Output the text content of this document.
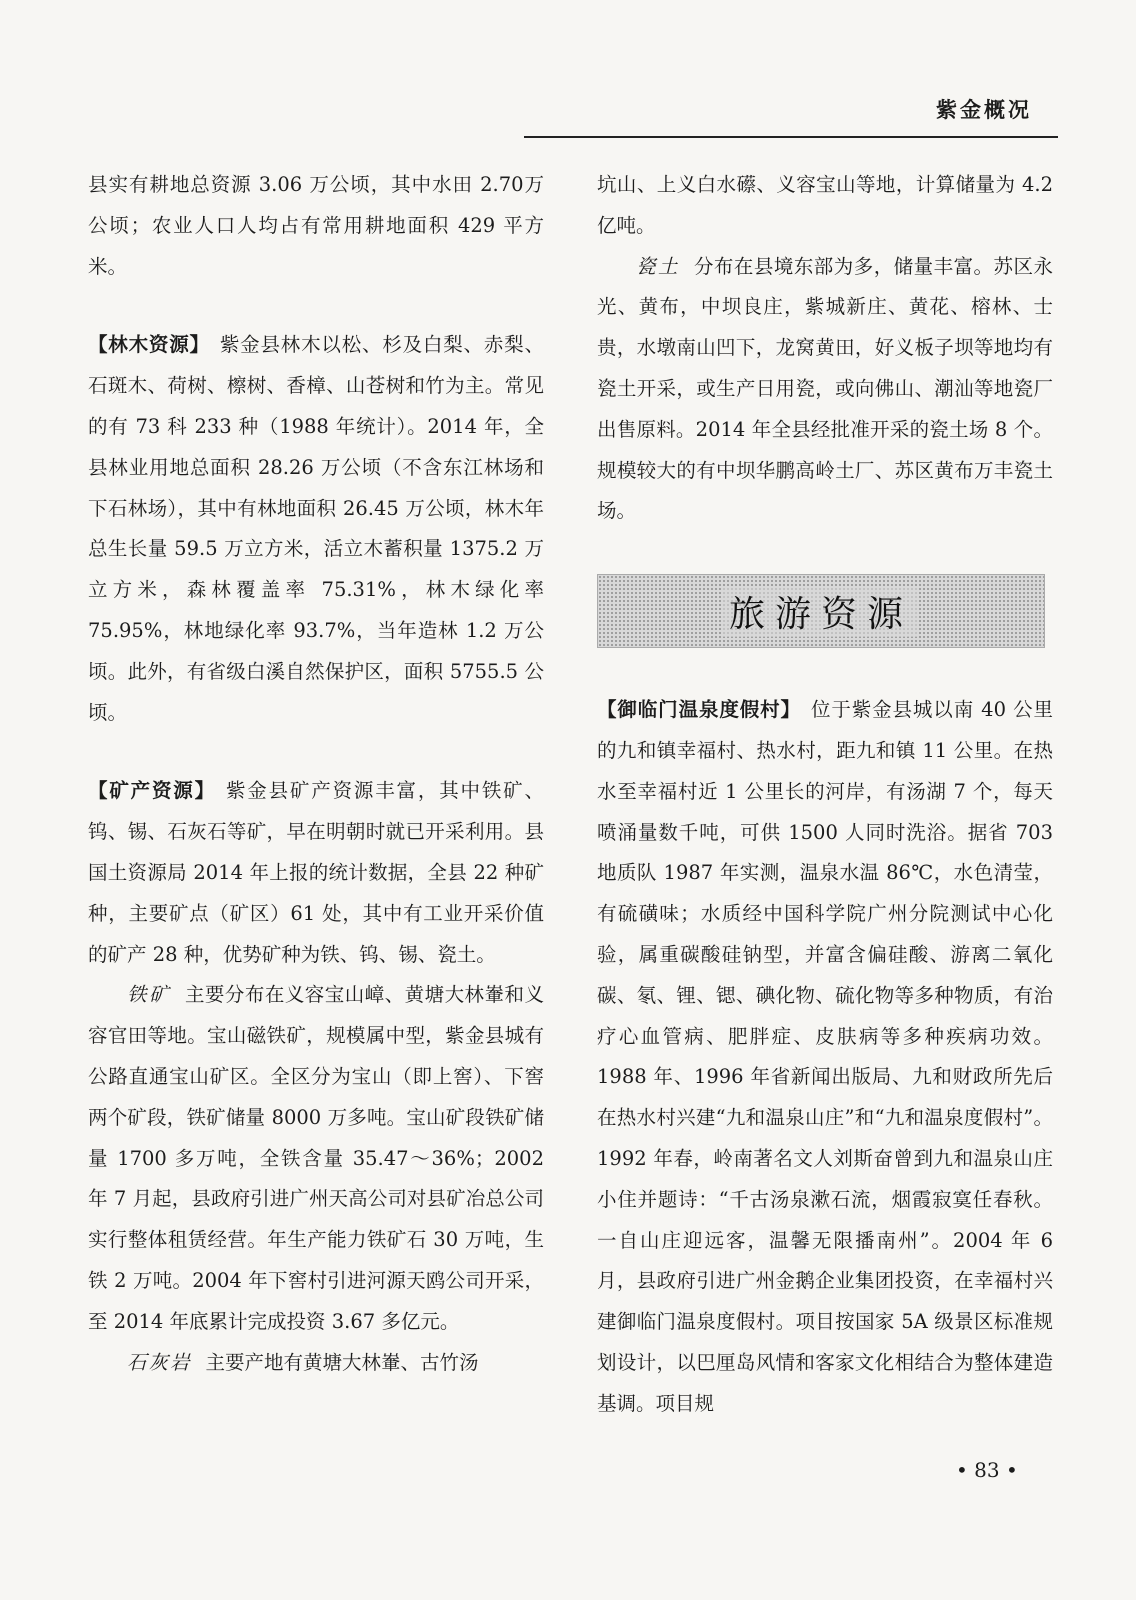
紫金概况

县实有耕地总资源 3.06 万公顷，其中水田 2.70万公顷；农业人口人均占有常用耕地面积 429 平方米。

【林木资源】 紫金县林木以松、杉及白梨、赤梨、石斑木、荷树、檫树、香樟、山苍树和竹为主。常见的有 73 科 233 种（1988 年统计）。2014 年，全县林业用地总面积 28.26 万公顷（不含东江林场和下石林场），其中有林地面积 26.45 万公顷，林木年总生长量 59.5 万立方米，活立木蓄积量 1375.2 万立方米，森林覆盖率 75.31%，林木绿化率 75.95%，林地绿化率 93.7%，当年造林 1.2 万公顷。此外，有省级白溪自然保护区，面积 5755.5 公顷。

【矿产资源】 紫金县矿产资源丰富，其中铁矿、钨、锡、石灰石等矿，早在明朝时就已开采利用。县国土资源局 2014 年上报的统计数据，全县 22 种矿种，主要矿点（矿区）61 处，其中有工业开采价值的矿产 28 种，优势矿种为铁、钨、锡、瓷土。

铁矿 主要分布在义容宝山嶂、黄塘大林輋和义容官田等地。宝山磁铁矿，规模属中型，紫金县城有公路直通宝山矿区。全区分为宝山（即上窖）、下窖两个矿段，铁矿储量 8000 万多吨。宝山矿段铁矿储量 1700 多万吨，全铁含量 35.47～36%；2002 年 7 月起，县政府引进广州天高公司对县矿冶总公司实行整体租赁经营。年生产能力铁矿石 30 万吨，生铁 2 万吨。2004 年下窖村引进河源天鸥公司开采，至 2014 年底累计完成投资 3.67 多亿元。

石灰岩 主要产地有黄塘大林輋、古竹汤

坑山、上义白水礤、义容宝山等地，计算储量为 4.2 亿吨。

瓷土 分布在县境东部为多，储量丰富。苏区永光、黄布，中坝良庄，紫城新庄、黄花、榕林、士贵，水墩南山凹下，龙窝黄田，好义板子坝等地均有瓷土开采，或生产日用瓷，或向佛山、潮汕等地瓷厂出售原料。2014 年全县经批准开采的瓷土场 8 个。规模较大的有中坝华鹏高岭土厂、苏区黄布万丰瓷土场。

旅游资源

【御临门温泉度假村】 位于紫金县城以南 40 公里的九和镇幸福村、热水村，距九和镇 11 公里。在热水至幸福村近 1 公里长的河岸，有汤湖 7 个，每天喷涌量数千吨，可供 1500 人同时洗浴。据省 703 地质队 1987 年实测，温泉水温 86℃，水色清莹，有硫磺味；水质经中国科学院广州分院测试中心化验，属重碳酸硅钠型，并富含偏硅酸、游离二氧化碳、氡、锂、锶、碘化物、硫化物等多种物质，有治疗心血管病、肥胖症、皮肤病等多种疾病功效。1988 年、1996 年省新闻出版局、九和财政所先后在热水村兴建“九和温泉山庄”和“九和温泉度假村”。1992 年春，岭南著名文人刘斯奋曾到九和温泉山庄小住并题诗：“千古汤泉漱石流，烟霞寂寞任春秋。一自山庄迎远客，温馨无限播南州”。2004 年 6 月，县政府引进广州金鹅企业集团投资，在幸福村兴建御临门温泉度假村。项目按国家 5A 级景区标准规划设计，以巴厘岛风情和客家文化相结合为整体建造基调。项目规

• 83 •
